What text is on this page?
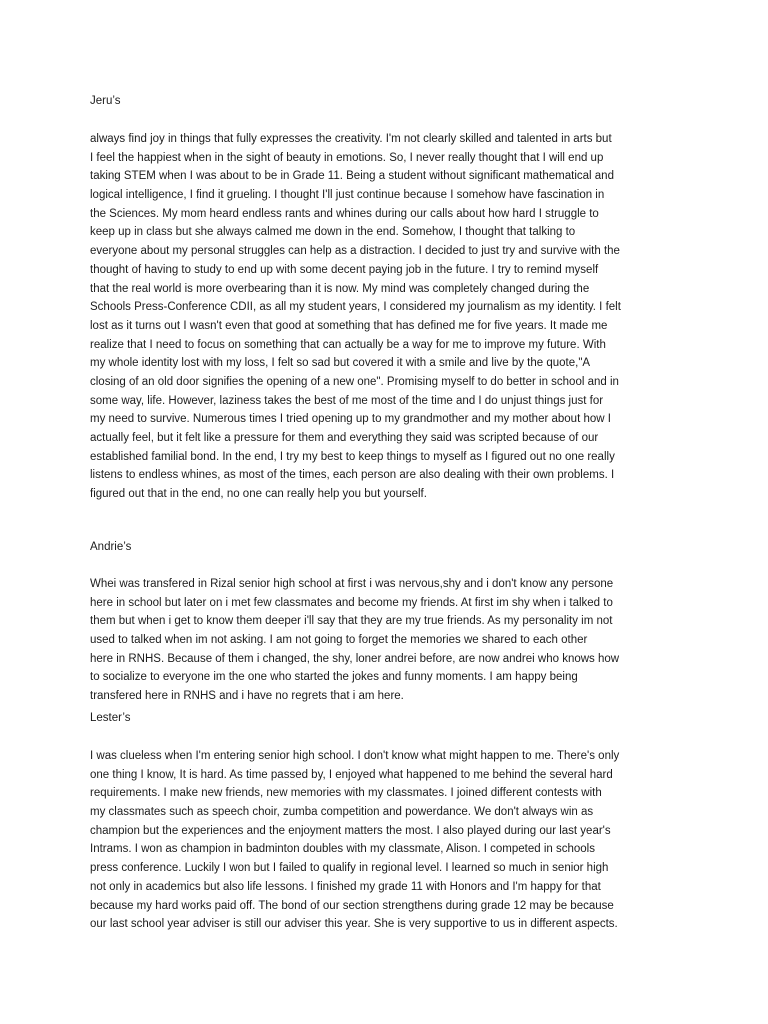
Jeru’s
always find joy in things that fully expresses the creativity. I'm not clearly skilled and talented in arts but
I feel the happiest when in the sight of beauty in emotions. So, I never really thought that I will end up
taking STEM when I was about to be in Grade 11. Being a student without significant mathematical and
logical intelligence, I find it grueling. I thought I'll just continue because I somehow have fascination in
the Sciences. My mom heard endless rants and whines during our calls about how hard I struggle to
keep up in class but she always calmed me down in the end. Somehow, I thought that talking to
everyone about my personal struggles can help as a distraction. I decided to just try and survive with the
thought of having to study to end up with some decent paying job in the future. I try to remind myself
that the real world is more overbearing than it is now. My mind was completely changed during the
Schools Press-Conference CDII, as all my student years, I considered my journalism as my identity. I felt
lost as it turns out I wasn't even that good at something that has defined me for five years. It made me
realize that I need to focus on something that can actually be a way for me to improve my future. With
my whole identity lost with my loss, I felt so sad but covered it with a smile and live by the quote,"A
closing of an old door signifies the opening of a new one". Promising myself to do better in school and in
some way, life. However, laziness takes the best of me most of the time and I do unjust things just for
my need to survive. Numerous times I tried opening up to my grandmother and my mother about how I
actually feel, but it felt like a pressure for them and everything they said was scripted because of our
established familial bond. In the end, I try my best to keep things to myself as I figured out no one really
listens to endless whines, as most of the times, each person are also dealing with their own problems. I
figured out that in the end, no one can really help you but yourself.
Andrie’s
Whei was transfered in Rizal senior high school at first i was nervous,shy and i don't know any persone
here in school but later on i met few classmates and become my friends. At first im shy when i talked to
them but when i get to know them deeper i'll say that they are my true friends. As my personality im not
used to talked when im not asking. I am not going to forget the memories we shared to each other
here in RNHS. Because of them i changed, the shy, loner andrei before, are now andrei who knows how
to socialize to everyone im the one who started the jokes and funny moments. I am happy being
transfered here in RNHS and i have no regrets that i am here.
Lester’s
I was clueless when I'm entering senior high school. I don't know what might happen to me. There's only
one thing I know, It is hard. As time passed by, I enjoyed what happened to me behind the several hard
requirements. I make new friends, new memories with my classmates. I joined different contests with
my classmates such as speech choir, zumba competition and powerdance. We don't always win as
champion but the experiences and the enjoyment matters the most. I also played during our last year's
Intrams. I won as champion in badminton doubles with my classmate, Alison. I competed in schools
press conference. Luckily I won but I failed to qualify in regional level. I learned so much in senior high
not only in academics but also life lessons. I finished my grade 11 with Honors and I'm happy for that
because my hard works paid off. The bond of our section strengthens during grade 12 may be because
our last school year adviser is still our adviser this year. She is very supportive to us in different aspects.
